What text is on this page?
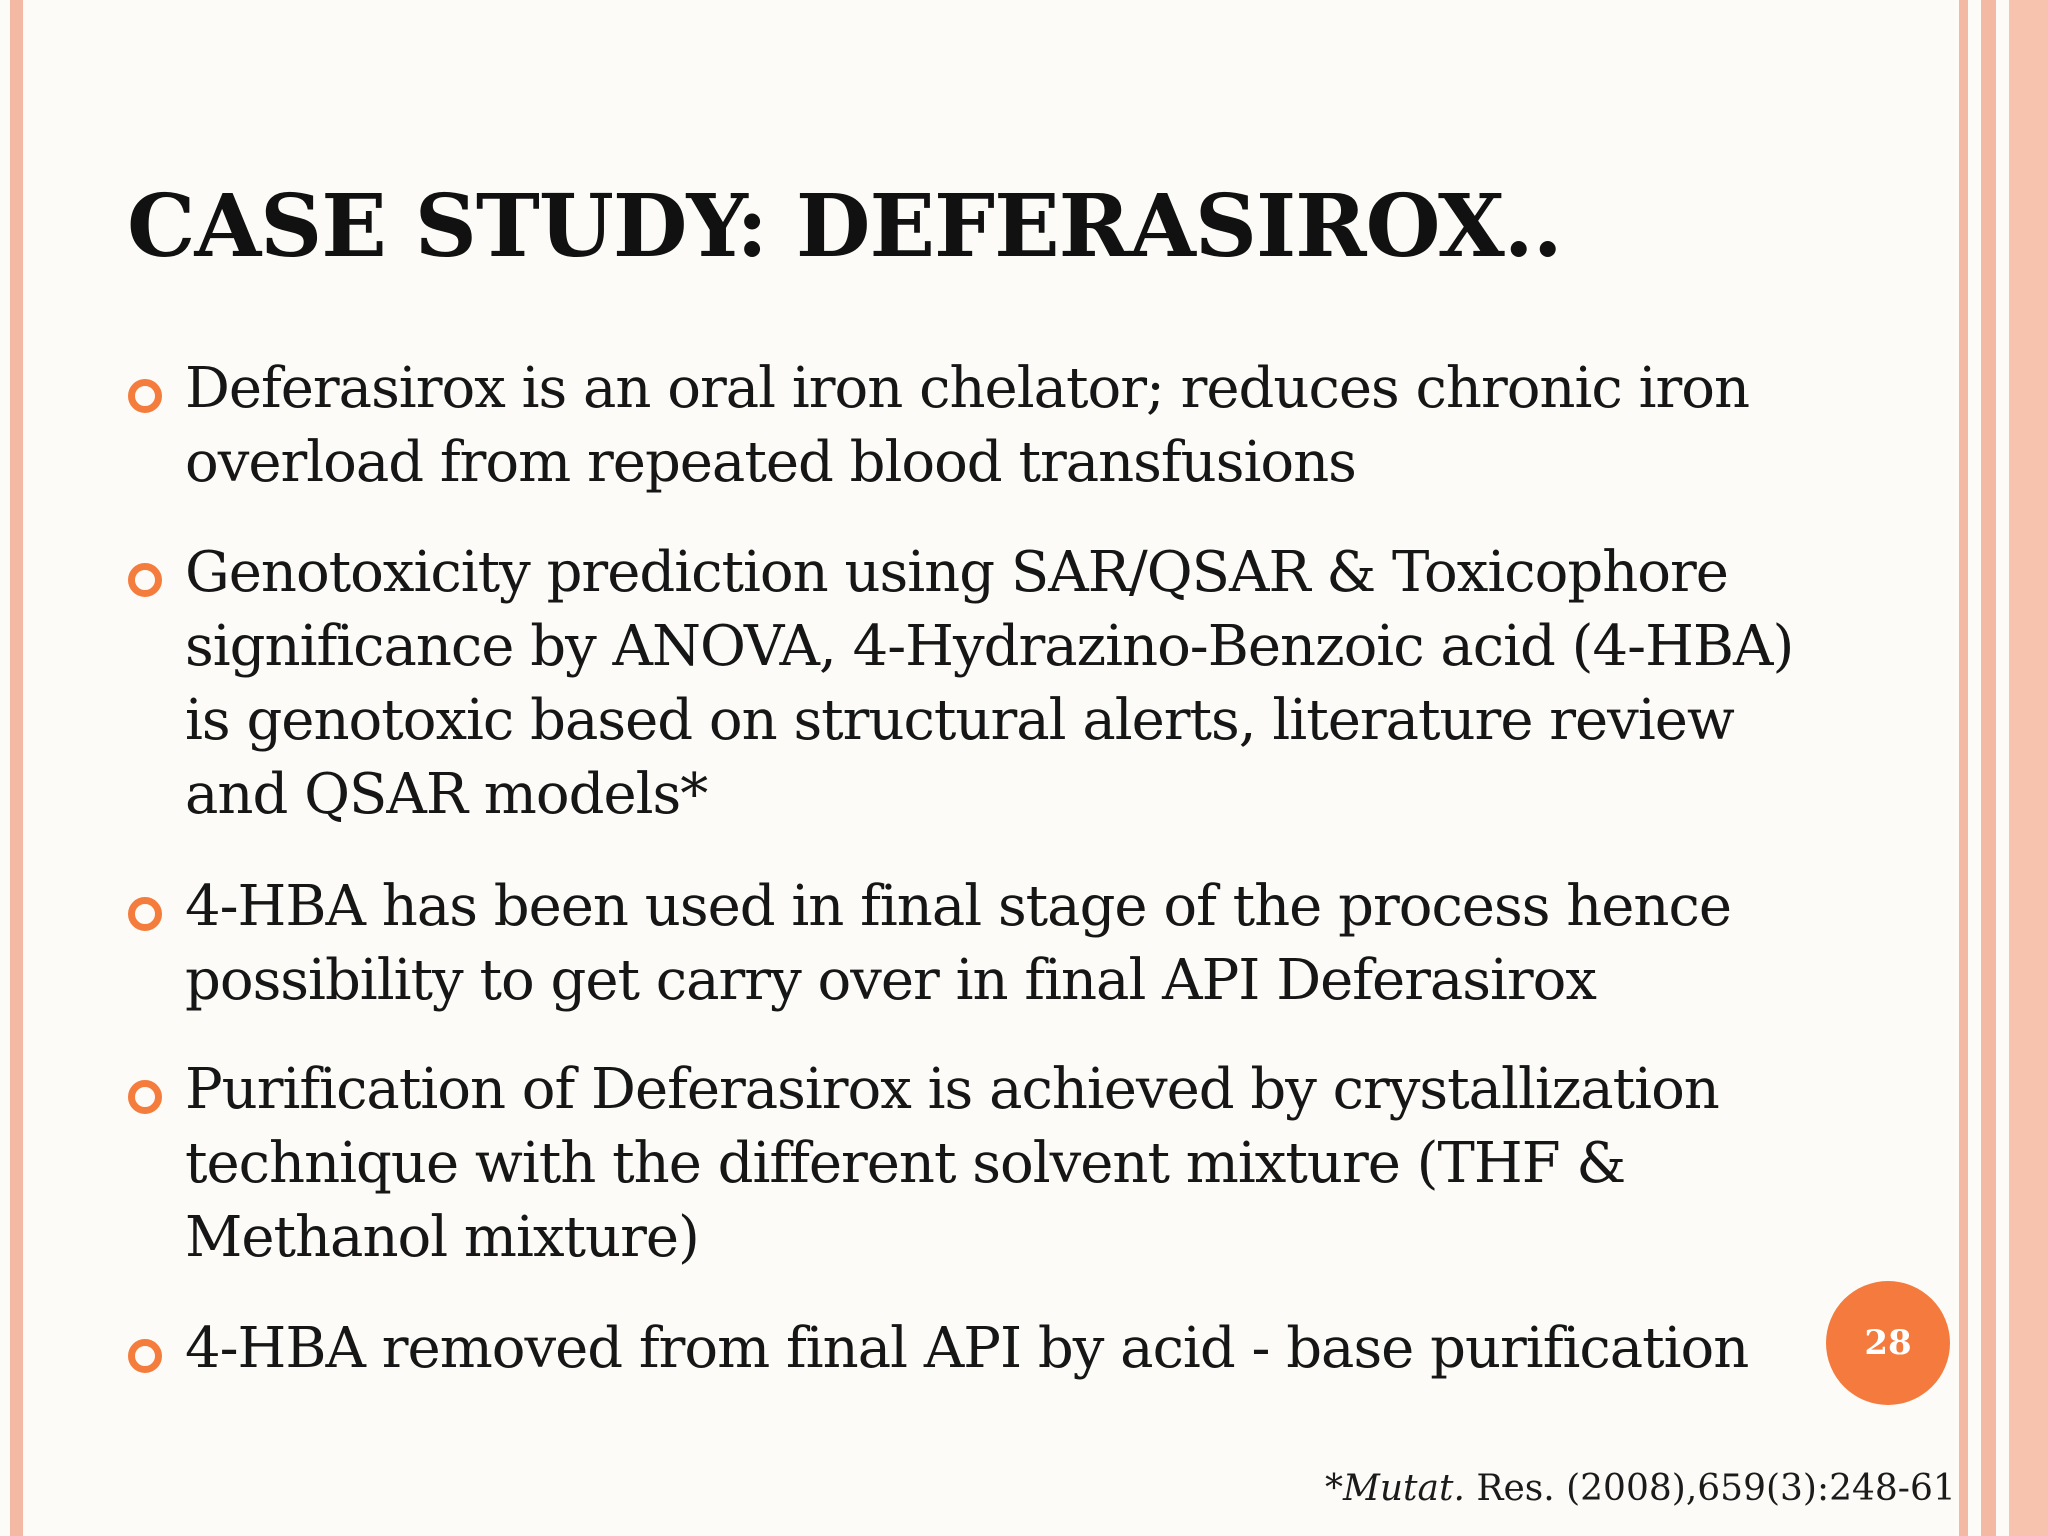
CASE STUDY: DEFERASIROX..
Deferasirox is an oral iron chelator; reduces chronic iron
overload from repeated blood transfusions
Genotoxicity prediction using SAR/QSAR & Toxicophore
significance by ANOVA, 4-Hydrazino-Benzoic acid (4-HBA)
is genotoxic based on structural alerts, literature review
and QSAR models*
4-HBA has been used in final stage of the process hence
possibility to get carry over in final API Deferasirox
Purification of Deferasirox is achieved by crystallization
technique with the different solvent mixture (THF &
Methanol mixture)
4-HBA removed from final API by acid - base purification	28
*Mutat. Res. (2008),659(3):248-61
